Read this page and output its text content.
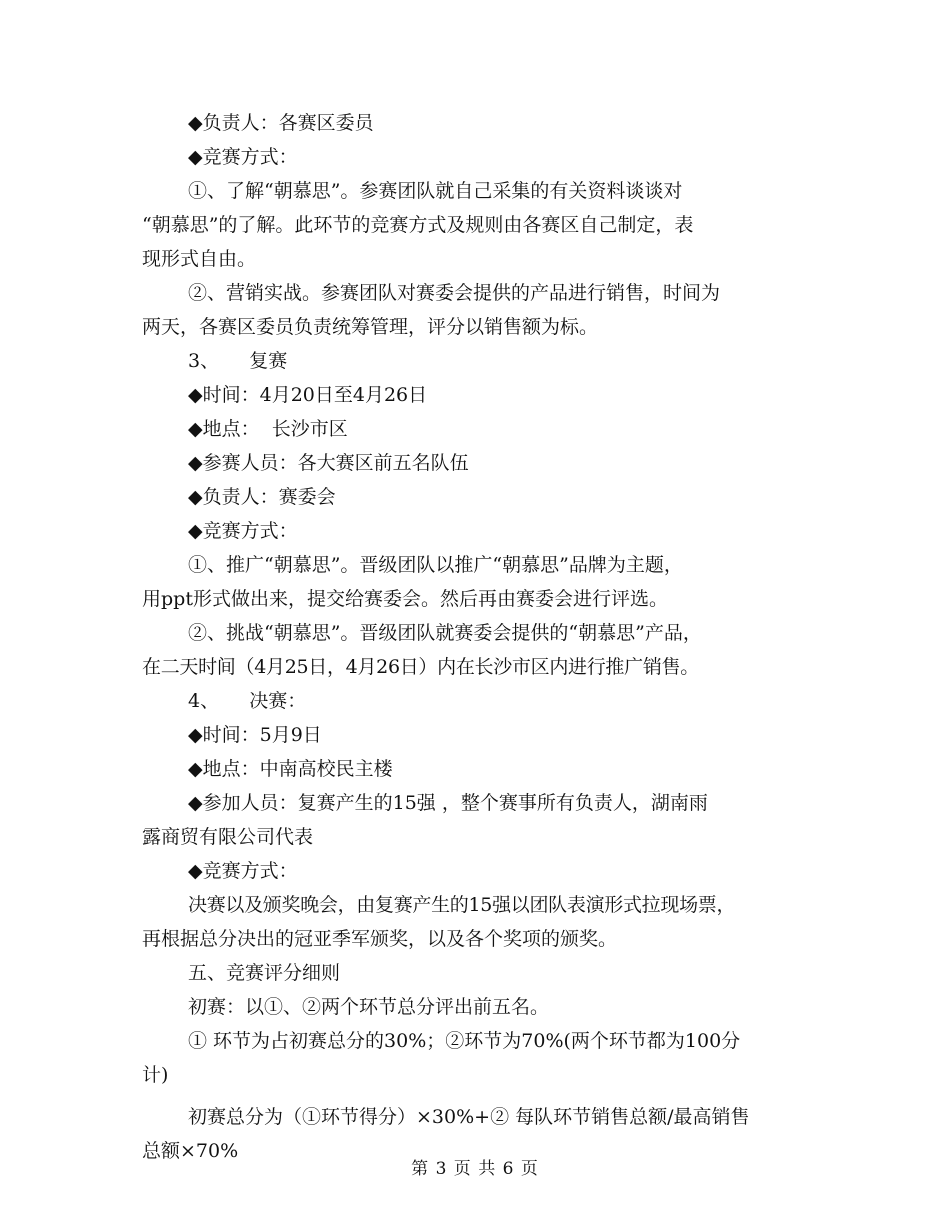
◆负责人：各赛区委员
◆竞赛方式：
①、了解“朝慕思”。参赛团队就自己采集的有关资料谈谈对
“朝慕思”的了解。此环节的竞赛方式及规则由各赛区自己制定，表
现形式自由。
②、营销实战。参赛团队对赛委会提供的产品进行销售，时间为
两天，各赛区委员负责统筹管理，评分以销售额为标。
3、     复赛
◆时间：4月20日至4月26日
◆地点：  长沙市区
◆参赛人员：各大赛区前五名队伍
◆负责人：赛委会
◆竞赛方式：
①、推广“朝慕思”。晋级团队以推广“朝慕思”品牌为主题，
用ppt形式做出来，提交给赛委会。然后再由赛委会进行评选。
②、挑战“朝慕思”。晋级团队就赛委会提供的“朝慕思”产品，
在二天时间（4月25日，4月26日）内在长沙市区内进行推广销售。
4、     决赛：
◆时间：5月9日
◆地点：中南高校民主楼
◆参加人员：复赛产生的15强 ，整个赛事所有负责人，湖南雨
露商贸有限公司代表
◆竞赛方式：
决赛以及颁奖晚会，由复赛产生的15强以团队表演形式拉现场票，
再根据总分决出的冠亚季军颁奖，以及各个奖项的颁奖。
五、竞赛评分细则
初赛：以①、②两个环节总分评出前五名。
① 环节为占初赛总分的30%；②环节为70%(两个环节都为100分
计)
初赛总分为（①环节得分）×30%+② 每队环节销售总额/最高销售
总额×70%
第 3 页 共 6 页
